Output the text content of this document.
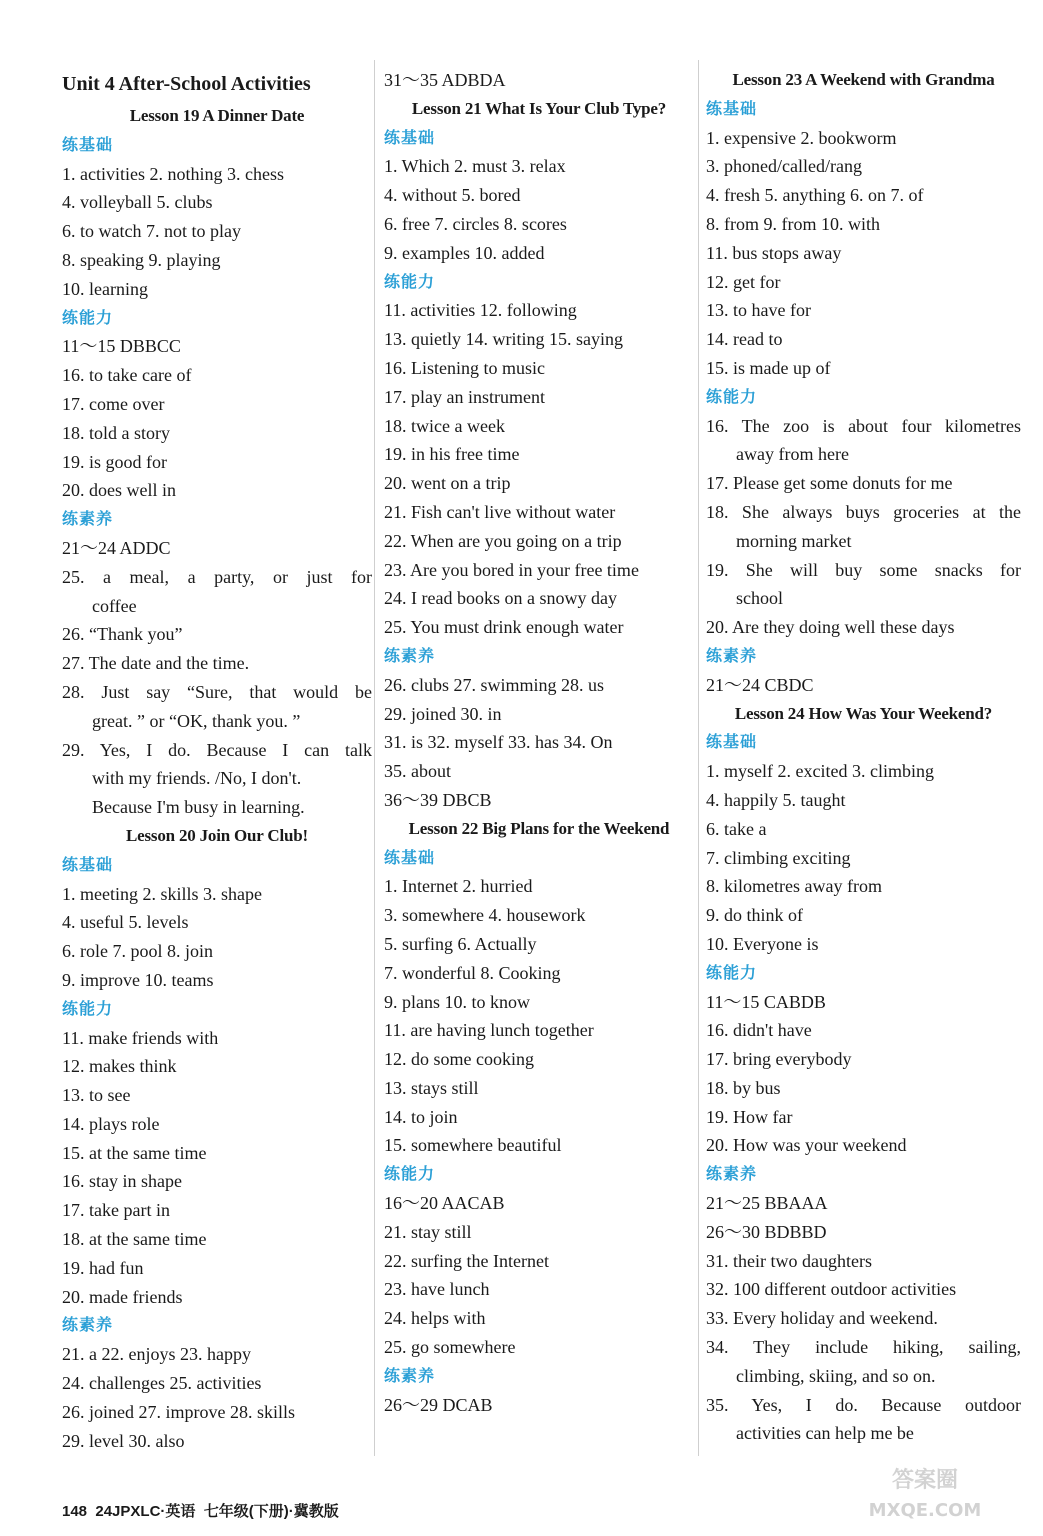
Unit 4 After-School Activities
Lesson 19 A Dinner Date
练基础
1. activities 2. nothing 3. chess
4. volleyball 5. clubs
6. to watch 7. not to play
8. speaking 9. playing
10. learning
练能力
11～15 DBBCC
16. to take care of
17. come over
18. told a story
19. is good for
20. does well in
练素养
21～24 ADDC
25. a meal, a party, or just for
coffee
26. “Thank you”
27. The date and the time.
28. Just say “Sure, that would be
great. ” or “OK, thank you. ”
29. Yes, I do. Because I can talk
with my friends. /No, I don't.
Because I'm busy in learning.
Lesson 20 Join Our Club!
练基础
1. meeting 2. skills 3. shape
4. useful 5. levels
6. role 7. pool 8. join
9. improve 10. teams
练能力
11. make friends with
12. makes think
13. to see
14. plays role
15. at the same time
16. stay in shape
17. take part in
18. at the same time
19. had fun
20. made friends
练素养
21. a 22. enjoys 23. happy
24. challenges 25. activities
26. joined 27. improve 28. skills
29. level 30. also
31～35 ADBDA
Lesson 21 What Is Your Club Type?
练基础
1. Which 2. must 3. relax
4. without 5. bored
6. free 7. circles 8. scores
9. examples 10. added
练能力
11. activities 12. following
13. quietly 14. writing 15. saying
16. Listening to music
17. play an instrument
18. twice a week
19. in his free time
20. went on a trip
21. Fish can't live without water
22. When are you going on a trip
23. Are you bored in your free time
24. I read books on a snowy day
25. You must drink enough water
练素养
26. clubs 27. swimming 28. us
29. joined 30. in
31. is 32. myself 33. has 34. On
35. about
36～39 DBCB
Lesson 22 Big Plans for the Weekend
练基础
1. Internet 2. hurried
3. somewhere 4. housework
5. surfing 6. Actually
7. wonderful 8. Cooking
9. plans 10. to know
11. are having lunch together
12. do some cooking
13. stays still
14. to join
15. somewhere beautiful
练能力
16～20 AACAB
21. stay still
22. surfing the Internet
23. have lunch
24. helps with
25. go somewhere
练素养
26～29 DCAB
Lesson 23 A Weekend with Grandma
练基础
1. expensive 2. bookworm
3. phoned/called/rang
4. fresh 5. anything 6. on 7. of
8. from 9. from 10. with
11. bus stops away
12. get for
13. to have for
14. read to
15. is made up of
练能力
16. The zoo is about four kilometres
away from here
17. Please get some donuts for me
18. She always buys groceries at the
morning market
19. She will buy some snacks for
school
20. Are they doing well these days
练素养
21～24 CBDC
Lesson 24 How Was Your Weekend?
练基础
1. myself 2. excited 3. climbing
4. happily 5. taught
6. take a
7. climbing exciting
8. kilometres away from
9. do think of
10. Everyone is
练能力
11～15 CABDB
16. didn't have
17. bring everybody
18. by bus
19. How far
20. How was your weekend
练素养
21～25 BBAAA
26～30 BDBBD
31. their two daughters
32. 100 different outdoor activities
33. Every holiday and weekend.
34. They include hiking, sailing,
climbing, skiing, and so on.
35. Yes, I do. Because outdoor
activities can help me be
148 24JPXLC·英语 七年级(下册)·冀教版
答案圈
MXQE.COM
